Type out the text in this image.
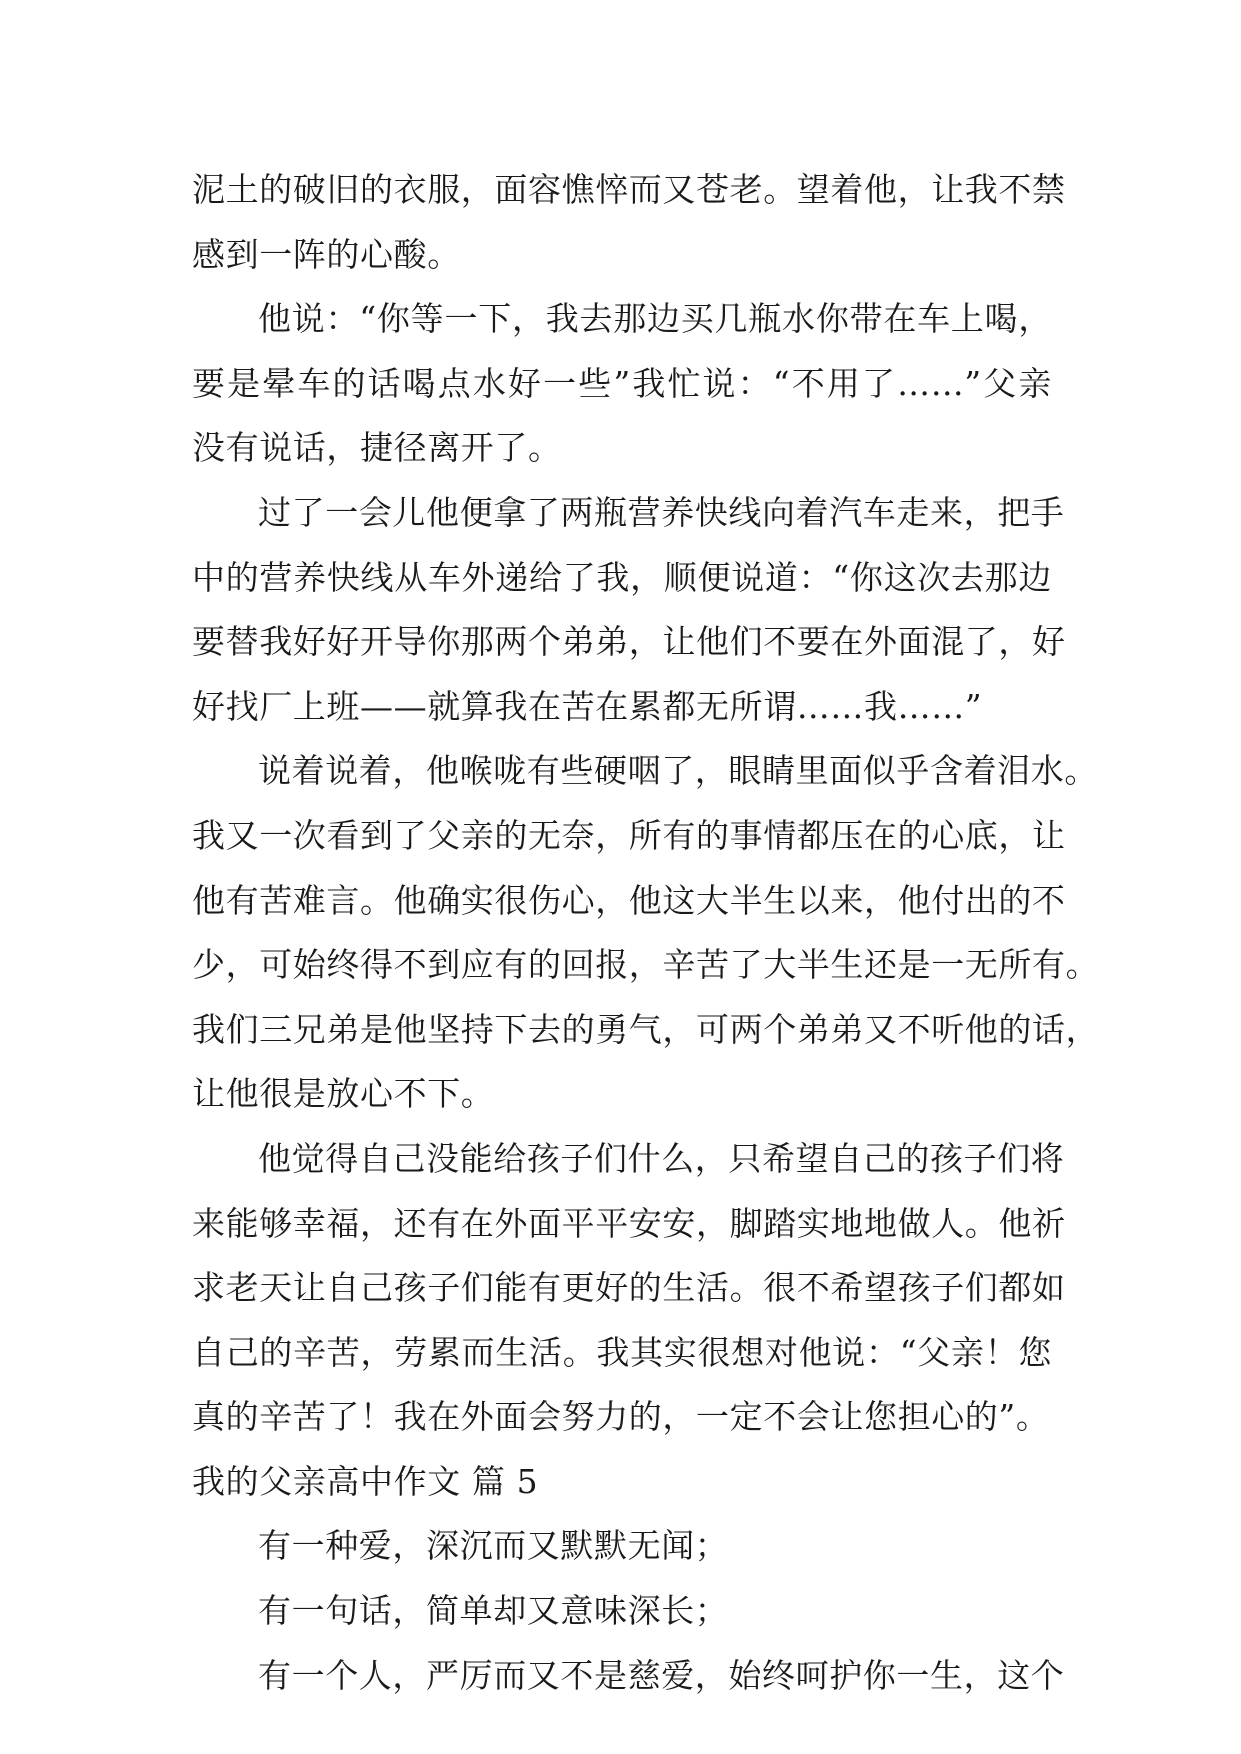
泥土的破旧的衣服，面容憔悴而又苍老。望着他，让我不禁
感到一阵的心酸。
他说：“你等一下，我去那边买几瓶水你带在车上喝，
要是晕车的话喝点水好一些”我忙说：“不用了……”父亲
没有说话，捷径离开了。
过了一会儿他便拿了两瓶营养快线向着汽车走来，把手
中的营养快线从车外递给了我，顺便说道：“你这次去那边
要替我好好开导你那两个弟弟，让他们不要在外面混了，好
好找厂上班——就算我在苦在累都无所谓……我……”
说着说着，他喉咙有些硬咽了，眼睛里面似乎含着泪水。
我又一次看到了父亲的无奈，所有的事情都压在的心底，让
他有苦难言。他确实很伤心，他这大半生以来，他付出的不
少，可始终得不到应有的回报，辛苦了大半生还是一无所有。
我们三兄弟是他坚持下去的勇气，可两个弟弟又不听他的话，
让他很是放心不下。
他觉得自己没能给孩子们什么，只希望自己的孩子们将
来能够幸福，还有在外面平平安安，脚踏实地地做人。他祈
求老天让自己孩子们能有更好的生活。很不希望孩子们都如
自己的辛苦，劳累而生活。我其实很想对他说：“父亲！您
真的辛苦了！我在外面会努力的，一定不会让您担心的”。
我的父亲高中作文 篇 5
有一种爱，深沉而又默默无闻；
有一句话，简单却又意味深长；
有一个人，严厉而又不是慈爱，始终呵护你一生，这个
